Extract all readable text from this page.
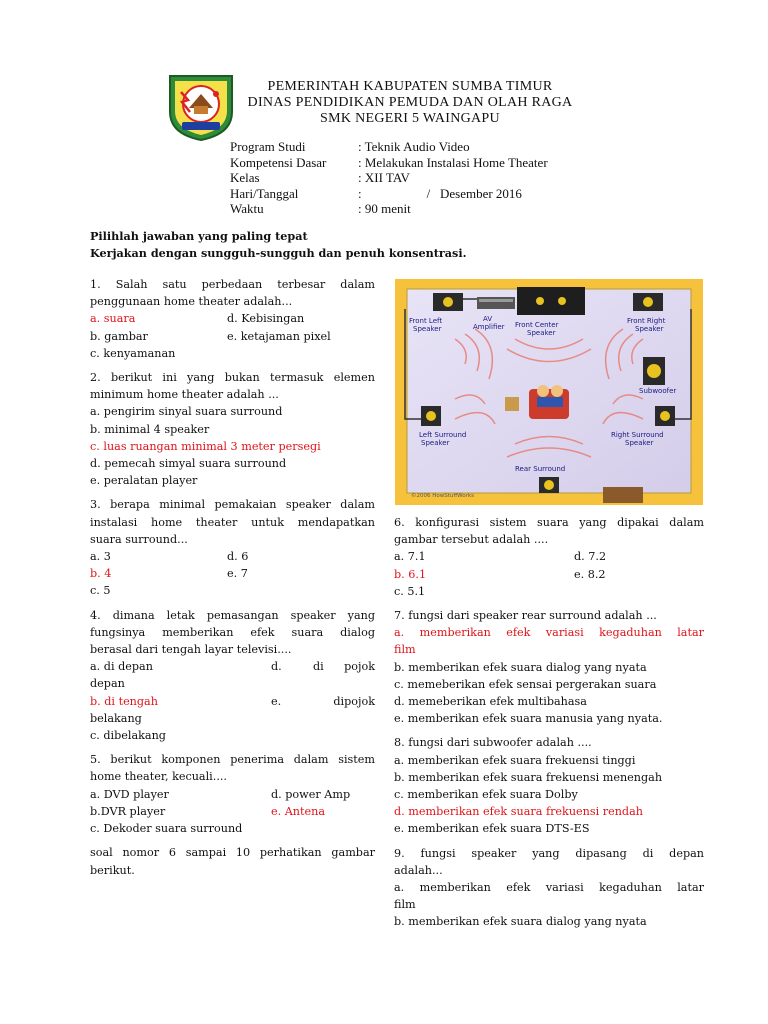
PEMERINTAH KABUPATEN SUMBA TIMUR
DINAS PENDIDIKAN PEMUDA DAN OLAH RAGA
SMK NEGERI 5 WAINGAPU
Program Studi	: Teknik Audio Video
Kompetensi Dasar	: Melakukan Instalasi Home Theater
Kelas	: XII TAV
Hari/Tanggal	:                    /   Desember 2016
Waktu	: 90 menit
Pilihlah jawaban yang paling tepat
Kerjakan dengan sungguh-sungguh dan penuh konsentrasi.

1. Salah satu perbedaan terbesar dalam

penggunaan home theater adalah...

a. suara	d. Kebisingan
b. gambar	e. ketajaman pixel

c. kenyamanan

2. berikut ini yang bukan termasuk elemen

minimum home theater adalah ...

a. pengirim sinyal suara surround

b. minimal 4 speaker

c. luas ruangan minimal 3 meter persegi

d. pemecah simyal suara surround

e. peralatan player

3. berapa minimal pemakaian speaker dalam

instalasi home theater untuk mendapatkan

suara surround...

a. 3	d. 6
b. 4	e. 7

c. 5

4. dimana letak pemasangan speaker yang

fungsinya memberikan efek suara dialog

berasal dari tengah layar televisi....

a. di depan	d.	di	pojok

depan

b. di tengah	e.	dipojok

belakang

c. dibelakang

5. berikut komponen penerima dalam sistem

home theater, kecuali....

a. DVD player	d. power Amp
b.DVR player	e. Antena

c. Dekoder suara surround

soal nomor 6 sampai 10 perhatikan gambar

berikut.

Front Left
Speaker
AV
Amplifier Front Center
Speaker
Front Right
Speaker
Subwoofer
Left Surround
Speaker
Right Surround
Speaker
Rear Surround
©2006 HowStuffWorks

6. konfigurasi sistem suara yang dipakai dalam

gambar tersebut adalah ....

a. 7.1	d. 7.2
b. 6.1	e. 8.2

c. 5.1

7. fungsi dari speaker rear surround adalah ...

a. memberikan efek variasi kegaduhan latar

film

b. memberikan efek suara dialog yang nyata

c. memeberikan efek sensai pergerakan suara

d. memeberikan efek multibahasa

e. memberikan efek suara manusia yang nyata.

8. fungsi dari subwoofer adalah ....

a. memberikan efek suara frekuensi tinggi

b. memberikan efek suara frekuensi menengah

c. memberikan efek suara Dolby

d. memberikan efek suara frekuensi rendah

e. memberikan efek suara DTS-ES

9. fungsi speaker yang dipasang di depan

adalah...

a. memberikan efek variasi kegaduhan latar

film

b. memberikan efek suara dialog yang nyata
